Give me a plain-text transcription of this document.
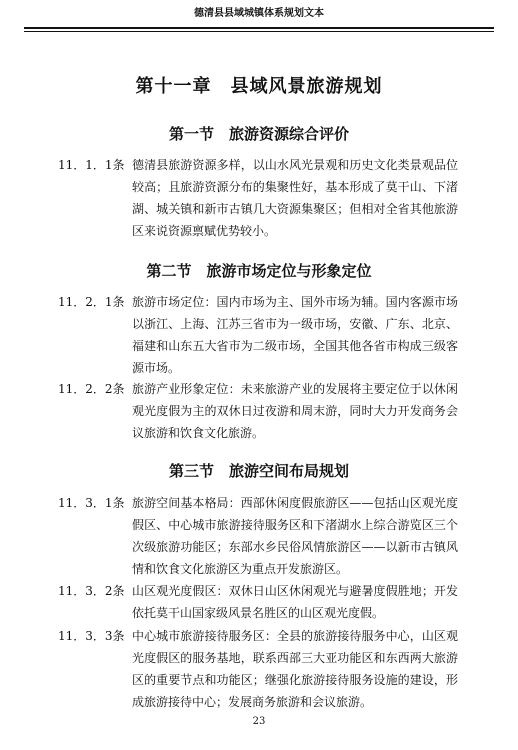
德清县县域城镇体系规划文本
第十一章　县域风景旅游规划
第一节　旅游资源综合评价
11．1．1条 德清县旅游资源多样，以山水风光景观和历史文化类景观品位较高；且旅游资源分布的集聚性好，基本形成了莫干山、下渚湖、城关镇和新市古镇几大资源集聚区；但相对全省其他旅游区来说资源禀赋优势较小。
第二节　旅游市场定位与形象定位
11．2．1条 旅游市场定位：国内市场为主、国外市场为辅。国内客源市场以浙江、上海、江苏三省市为一级市场，安徽、广东、北京、福建和山东五大省市为二级市场，全国其他各省市构成三级客源市场。
11．2．2条 旅游产业形象定位：未来旅游产业的发展将主要定位于以休闲观光度假为主的双休日过夜游和周末游，同时大力开发商务会议旅游和饮食文化旅游。
第三节　旅游空间布局规划
11．3．1条 旅游空间基本格局：西部休闲度假旅游区——包括山区观光度假区、中心城市旅游接待服务区和下渚湖水上综合游览区三个次级旅游功能区；东部水乡民俗风情旅游区——以新市古镇风情和饮食文化旅游区为重点开发旅游区。
11．3．2条 山区观光度假区：双休日山区休闲观光与避暑度假胜地；开发依托莫干山国家级风景名胜区的山区观光度假。
11．3．3条 中心城市旅游接待服务区：全县的旅游接待服务中心，山区观光度假区的服务基地，联系西部三大亚功能区和东西两大旅游区的重要节点和功能区；继强化旅游接待服务设施的建设，形成旅游接待中心；发展商务旅游和会议旅游。
23
